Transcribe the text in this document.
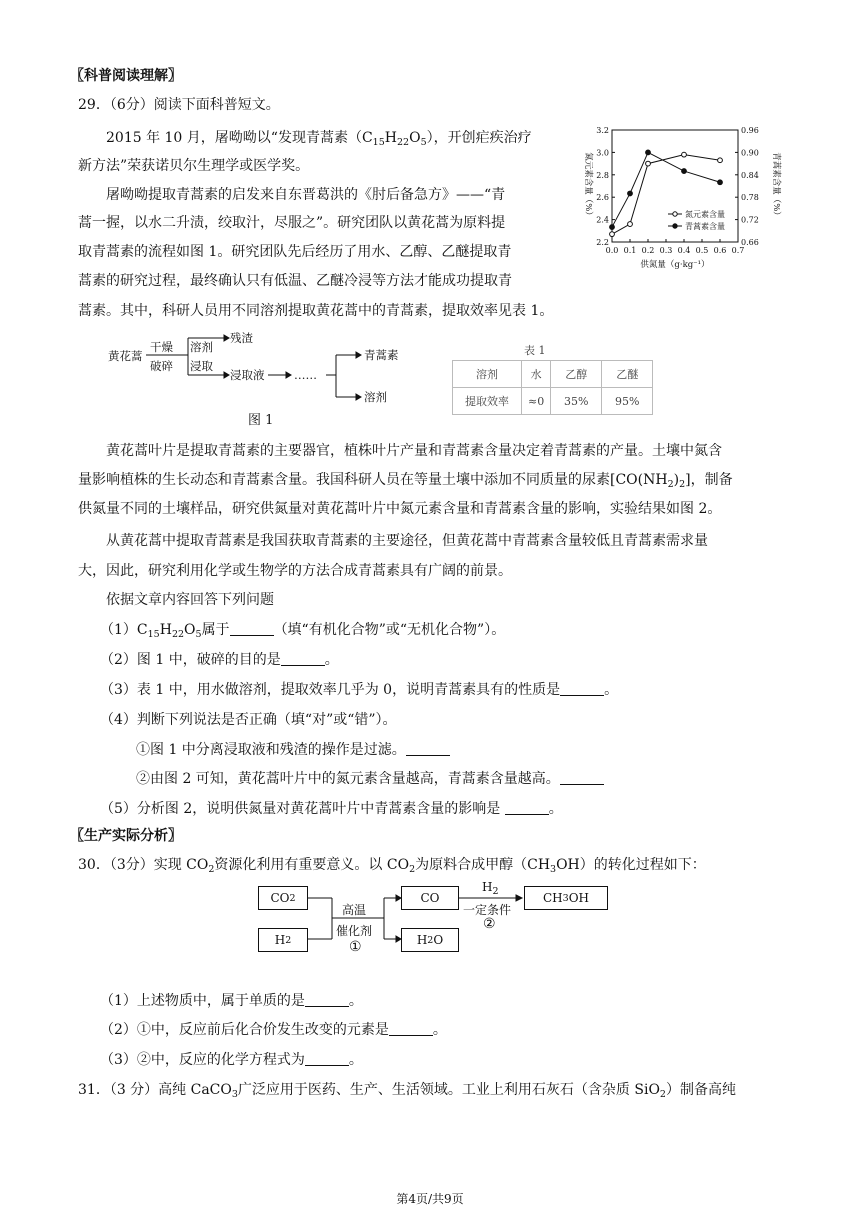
〖科普阅读理解〗
29．（6分）阅读下面科普短文。
2015 年 10 月，屠呦呦以“发现青蒿素$(C_{15}H_{22}O_5)$，开创疟疾治疗
新方法”荣获诺贝尔生理学或医学奖。
屠呦呦提取青蒿素的启发来自东晋葛洪的《肘后备急方》——“青
蒿一握，以水二升渍，绞取汁，尽服之”。研究团队以黄花蒿为原料提
取青蒿素的流程如图 1。研究团队先后经历了用水、乙醇、乙醚提取青
蒿素的研究过程，最终确认只有低温、乙醚冷浸等方法才能成功提取青
蒿素。其中，科研人员用不同溶剂提取黄花蒿中的青蒿素，提取效率见表 1。
0.0 0.1 0.2 0.3 0.4 0.5 0.6 0.7
2.2
2.4
2.6
2.8
3.0
3.2
0.66
0.72
0.78
0.84
0.90
0.96
氮元素含量（%）	青蒿素含量（%）
供氮量（g·kg⁻¹）
氮元素含量
青蒿素含量
黄花蒿
干燥
破碎
溶剂
浸取
残渣
浸取液	……
青蒿素
溶剂
图 1
表 1
溶剂	水	乙醇	乙醚
提取效率	≈0	35%	95%
黄花蒿叶片是提取青蒿素的主要器官，植株叶片产量和青蒿素含量决定着青蒿素的产量。土壤中氮含
量影响植株的生长动态和青蒿素含量。我国科研人员在等量土壤中添加不同质量的尿素$[CO(NH_2)_2]$，制备
供氮量不同的土壤样品，研究供氮量对黄花蒿叶片中氮元素含量和青蒿素含量的影响，实验结果如图 2。
从黄花蒿中提取青蒿素是我国获取青蒿素的主要途径，但黄花蒿中青蒿素含量较低且青蒿素需求量
大，因此，研究利用化学或生物学的方法合成青蒿素具有广阔的前景。
依据文章内容回答下列问题
$(1)C_{15}H_{22}O_5$属于	（填“有机化合物”或“无机化合物”）。
（2）图 1 中，破碎的目的是	。
（3）表 1 中，用水做溶剂，提取效率几乎为 0，说明青蒿素具有的性质是	。
（4）判断下列说法是否正确（填“对”或“错”）。
①图 1 中分离浸取液和残渣的操作是过滤。
②由图 2 可知，黄花蒿叶片中的氮元素含量越高，青蒿素含量越高。
（5）分析图 2，说明供氮量对黄花蒿叶片中青蒿素含量的影响是	。
〖生产实际分析〗
30．（3分）实现 $CO_2$资源化利用有重要意义。以 $CO_2$为原料合成甲醇$(CH_3OH)$的转化过程如下：
CO 2
H 2
高温
催化剂
①
CO
H 2 O
$H_2$
一定条件
②
CH 3 OH
（1）上述物质中，属于单质的是	。
（2）①中，反应前后化合价发生改变的元素是	。
（3）②中，反应的化学方程式为	。
31．（3 分）高纯 CaCO$_3$广泛应用于医药、生产、生活领域。工业上利用石灰石（含杂质 SiO$_2$）制备高纯
第4页/共9页
